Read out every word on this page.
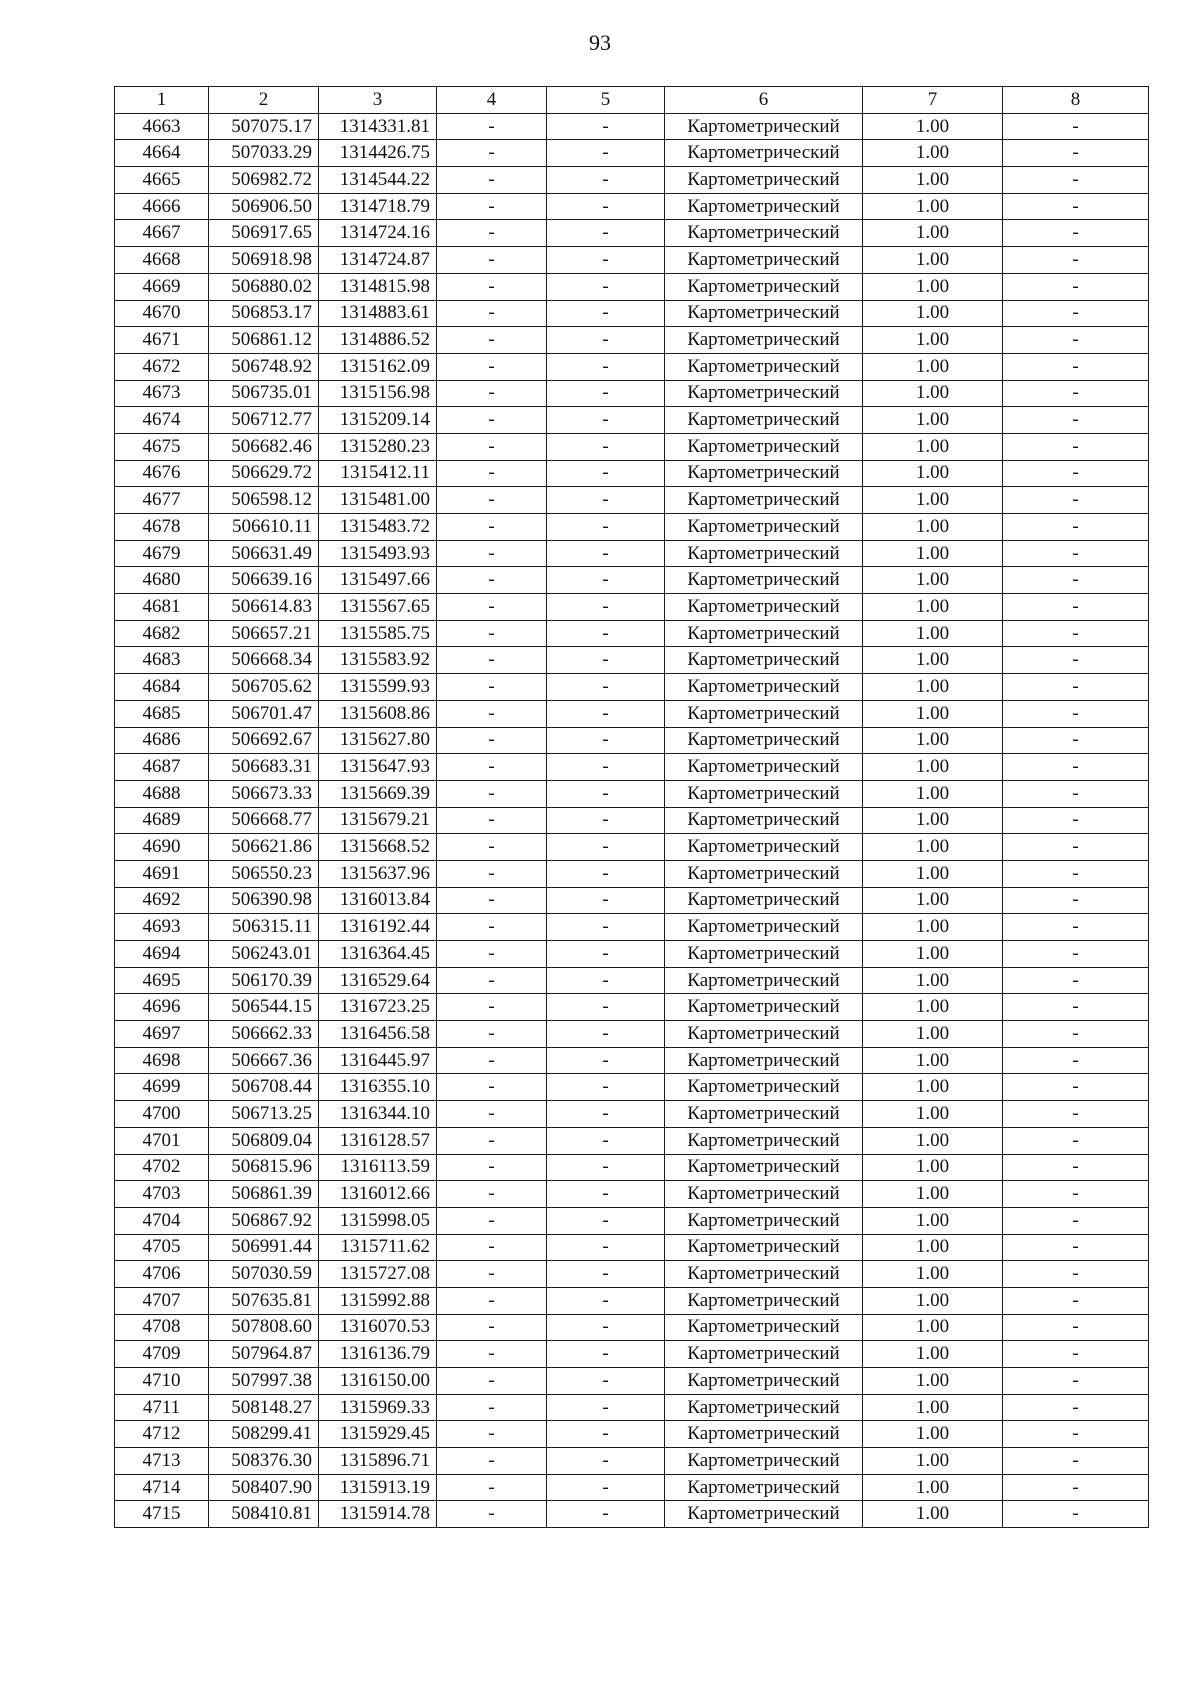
93
1	2	3	4	5	6	7	8
4663	507075.17	1314331.81	-	-	Картометрический	1.00	-
4664	507033.29	1314426.75	-	-	Картометрический	1.00	-
4665	506982.72	1314544.22	-	-	Картометрический	1.00	-
4666	506906.50	1314718.79	-	-	Картометрический	1.00	-
4667	506917.65	1314724.16	-	-	Картометрический	1.00	-
4668	506918.98	1314724.87	-	-	Картометрический	1.00	-
4669	506880.02	1314815.98	-	-	Картометрический	1.00	-
4670	506853.17	1314883.61	-	-	Картометрический	1.00	-
4671	506861.12	1314886.52	-	-	Картометрический	1.00	-
4672	506748.92	1315162.09	-	-	Картометрический	1.00	-
4673	506735.01	1315156.98	-	-	Картометрический	1.00	-
4674	506712.77	1315209.14	-	-	Картометрический	1.00	-
4675	506682.46	1315280.23	-	-	Картометрический	1.00	-
4676	506629.72	1315412.11	-	-	Картометрический	1.00	-
4677	506598.12	1315481.00	-	-	Картометрический	1.00	-
4678	506610.11	1315483.72	-	-	Картометрический	1.00	-
4679	506631.49	1315493.93	-	-	Картометрический	1.00	-
4680	506639.16	1315497.66	-	-	Картометрический	1.00	-
4681	506614.83	1315567.65	-	-	Картометрический	1.00	-
4682	506657.21	1315585.75	-	-	Картометрический	1.00	-
4683	506668.34	1315583.92	-	-	Картометрический	1.00	-
4684	506705.62	1315599.93	-	-	Картометрический	1.00	-
4685	506701.47	1315608.86	-	-	Картометрический	1.00	-
4686	506692.67	1315627.80	-	-	Картометрический	1.00	-
4687	506683.31	1315647.93	-	-	Картометрический	1.00	-
4688	506673.33	1315669.39	-	-	Картометрический	1.00	-
4689	506668.77	1315679.21	-	-	Картометрический	1.00	-
4690	506621.86	1315668.52	-	-	Картометрический	1.00	-
4691	506550.23	1315637.96	-	-	Картометрический	1.00	-
4692	506390.98	1316013.84	-	-	Картометрический	1.00	-
4693	506315.11	1316192.44	-	-	Картометрический	1.00	-
4694	506243.01	1316364.45	-	-	Картометрический	1.00	-
4695	506170.39	1316529.64	-	-	Картометрический	1.00	-
4696	506544.15	1316723.25	-	-	Картометрический	1.00	-
4697	506662.33	1316456.58	-	-	Картометрический	1.00	-
4698	506667.36	1316445.97	-	-	Картометрический	1.00	-
4699	506708.44	1316355.10	-	-	Картометрический	1.00	-
4700	506713.25	1316344.10	-	-	Картометрический	1.00	-
4701	506809.04	1316128.57	-	-	Картометрический	1.00	-
4702	506815.96	1316113.59	-	-	Картометрический	1.00	-
4703	506861.39	1316012.66	-	-	Картометрический	1.00	-
4704	506867.92	1315998.05	-	-	Картометрический	1.00	-
4705	506991.44	1315711.62	-	-	Картометрический	1.00	-
4706	507030.59	1315727.08	-	-	Картометрический	1.00	-
4707	507635.81	1315992.88	-	-	Картометрический	1.00	-
4708	507808.60	1316070.53	-	-	Картометрический	1.00	-
4709	507964.87	1316136.79	-	-	Картометрический	1.00	-
4710	507997.38	1316150.00	-	-	Картометрический	1.00	-
4711	508148.27	1315969.33	-	-	Картометрический	1.00	-
4712	508299.41	1315929.45	-	-	Картометрический	1.00	-
4713	508376.30	1315896.71	-	-	Картометрический	1.00	-
4714	508407.90	1315913.19	-	-	Картометрический	1.00	-
4715	508410.81	1315914.78	-	-	Картометрический	1.00	-
